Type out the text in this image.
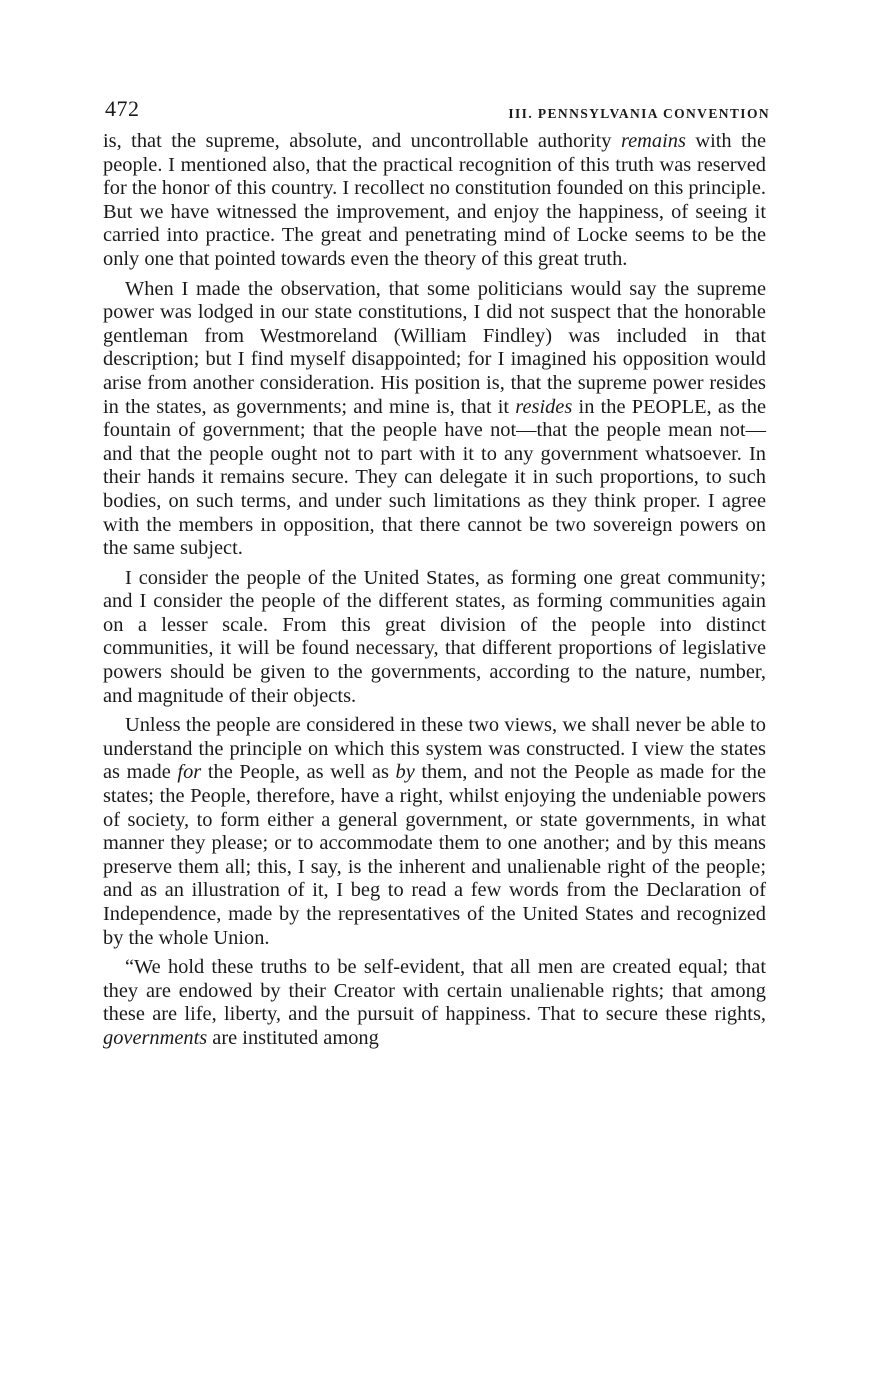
472	III. PENNSYLVANIA CONVENTION

is, that the supreme, absolute, and uncontrollable authority remains with the people. I mentioned also, that the practical recognition of this truth was reserved for the honor of this country. I recollect no constitution founded on this principle. But we have witnessed the improvement, and enjoy the happiness, of seeing it carried into practice. The great and penetrating mind of Locke seems to be the only one that pointed towards even the theory of this great truth.

When I made the observation, that some politicians would say the supreme power was lodged in our state constitutions, I did not suspect that the honorable gentleman from Westmoreland (William Findley) was included in that description; but I find myself disappointed; for I imagined his opposition would arise from another consideration. His position is, that the supreme power resides in the states, as governments; and mine is, that it resides in the PEOPLE, as the fountain of government; that the people have not—that the people mean not—and that the people ought not to part with it to any government whatsoever. In their hands it remains secure. They can delegate it in such proportions, to such bodies, on such terms, and under such limitations as they think proper. I agree with the members in opposition, that there cannot be two sovereign powers on the same subject.

I consider the people of the United States, as forming one great community; and I consider the people of the different states, as forming communities again on a lesser scale. From this great division of the people into distinct communities, it will be found necessary, that different proportions of legislative powers should be given to the governments, according to the nature, number, and magnitude of their objects.

Unless the people are considered in these two views, we shall never be able to understand the principle on which this system was constructed. I view the states as made for the People, as well as by them, and not the People as made for the states; the People, therefore, have a right, whilst enjoying the undeniable powers of society, to form either a general government, or state governments, in what manner they please; or to accommodate them to one another; and by this means preserve them all; this, I say, is the inherent and unalienable right of the people; and as an illustration of it, I beg to read a few words from the Declaration of Independence, made by the representatives of the United States and recognized by the whole Union.

“We hold these truths to be self-evident, that all men are created equal; that they are endowed by their Creator with certain unalienable rights; that among these are life, liberty, and the pursuit of happiness. That to secure these rights, governments are instituted among
